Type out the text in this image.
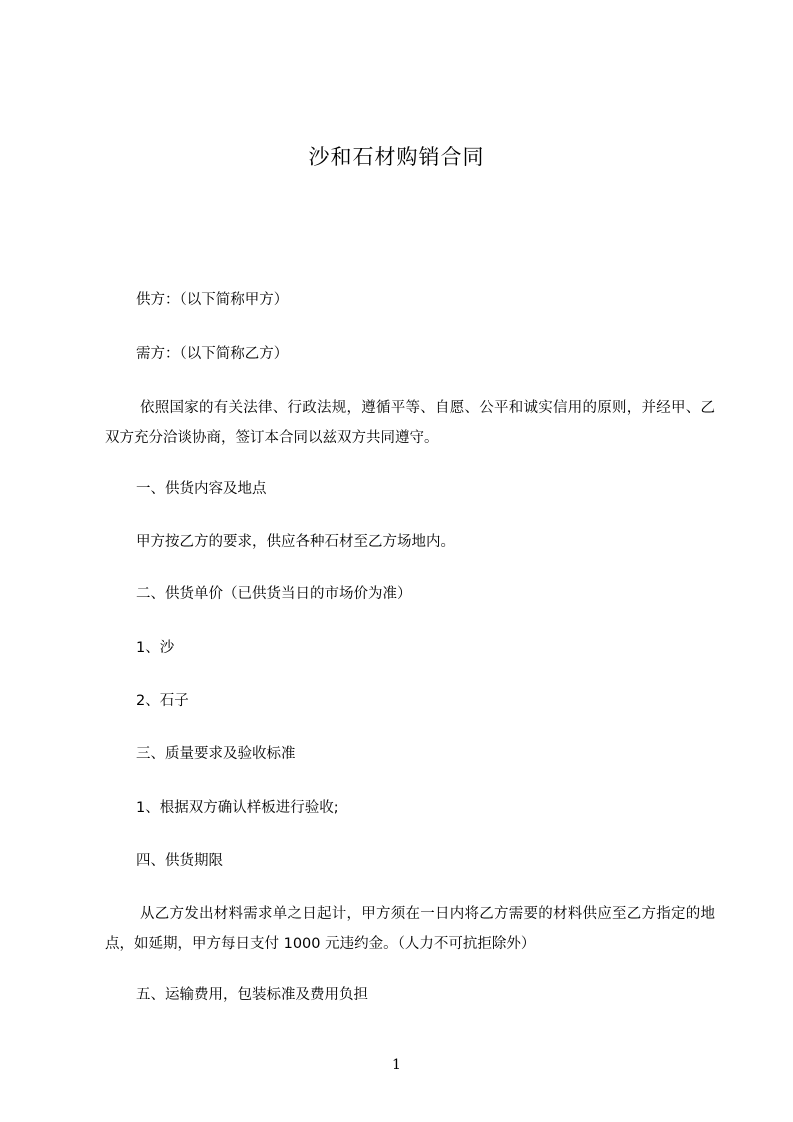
沙和石材购销合同
供方：（以下简称甲方）
需方：（以下简称乙方）
依照国家的有关法律、行政法规，遵循平等、自愿、公平和诚实信用的原则，并经甲、乙双方充分洽谈协商，签订本合同以兹双方共同遵守。
一、供货内容及地点
甲方按乙方的要求，供应各种石材至乙方场地内。
二、供货单价（已供货当日的市场价为准）
1、沙
2、石子
三、质量要求及验收标准
1、根据双方确认样板进行验收;
四、供货期限
从乙方发出材料需求单之日起计，甲方须在一日内将乙方需要的材料供应至乙方指定的地点，如延期，甲方每日支付 1000 元违约金。（人力不可抗拒除外）
五、运输费用，包装标准及费用负担
1
